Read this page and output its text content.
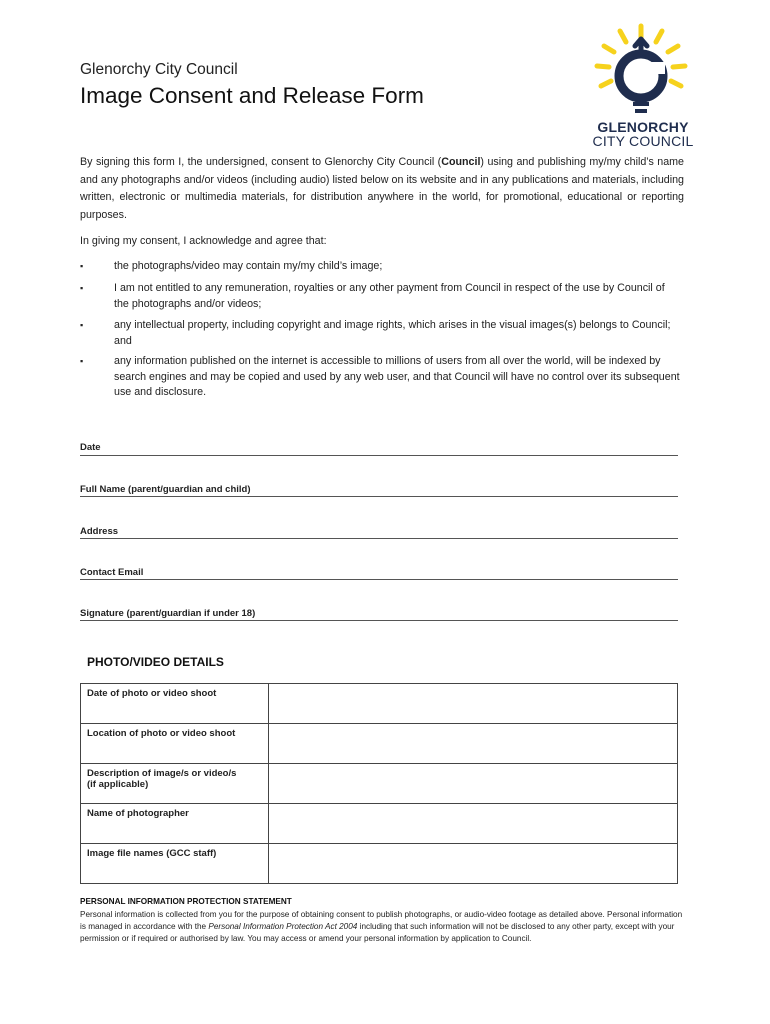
Glenorchy City Council
Image Consent and Release Form
GLENORCHY
CITY COUNCIL
By signing this form I, the undersigned, consent to Glenorchy City Council (Council) using and publishing my/my child’s name and any photographs and/or videos (including audio) listed below on its website and in any publications and materials, including written, electronic or multimedia materials, for distribution anywhere in the world, for promotional, educational or reporting purposes.
In giving my consent, I acknowledge and agree that:
▪	the photographs/video may contain my/my child’s image;
▪	I am not entitled to any remuneration, royalties or any other payment from Council in respect of the use by Council of the photographs and/or videos;
▪	any intellectual property, including copyright and image rights, which arises in the visual images(s) belongs to Council; and
▪	any information published on the internet is accessible to millions of users from all over the world, will be indexed by search engines and may be copied and used by any web user, and that Council will have no control over its subsequent use and disclosure.
Date
Full Name (parent/guardian and child)
Address
Contact Email
Signature (parent/guardian if under 18)
PHOTO/VIDEO DETAILS
Date of photo or video shoot	
Location of photo or video shoot	
Description of image/s or video/s
(if applicable)	
Name of photographer	
Image file names (GCC staff)	
PERSONAL INFORMATION PROTECTION STATEMENT
Personal information is collected from you for the purpose of obtaining consent to publish photographs, or audio-video footage as detailed above. Personal information is managed in accordance with the Personal Information Protection Act 2004 including that such information will not be disclosed to any other party, except with your permission or if required or authorised by law. You may access or amend your personal information by application to Council.
